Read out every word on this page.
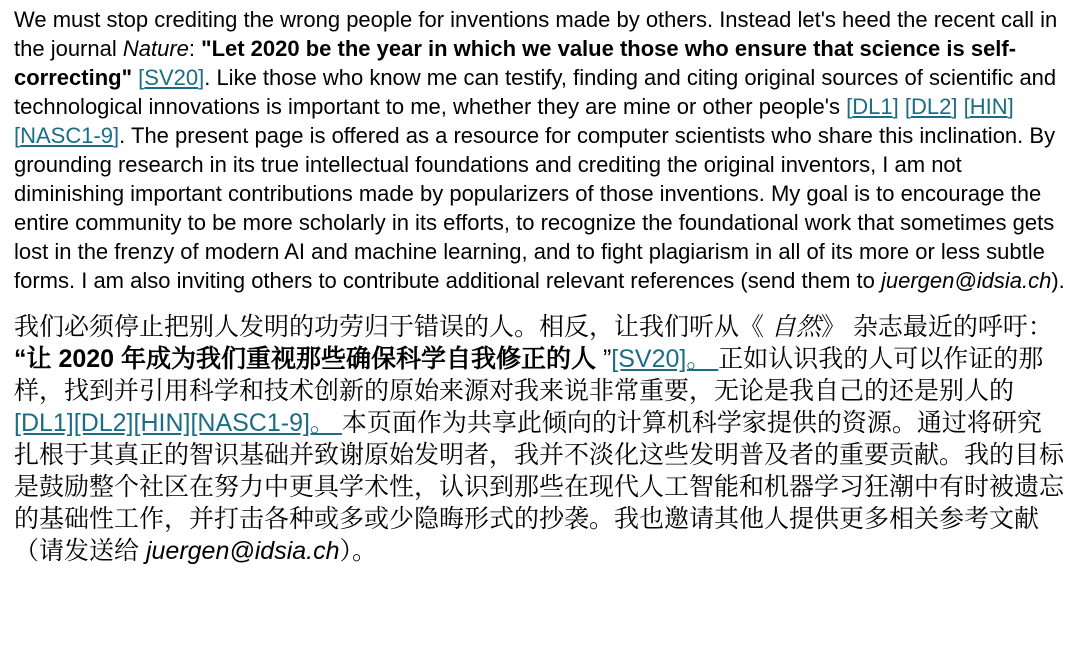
We must stop crediting the wrong people for inventions made by others. Instead let's heed the recent call in the journal Nature: "Let 2020 be the year in which we value those who ensure that science is self-correcting" [SV20]. Like those who know me can testify, finding and citing original sources of scientific and technological innovations is important to me, whether they are mine or other people's [DL1] [DL2] [HIN] [NASC1-9]. The present page is offered as a resource for computer scientists who share this inclination. By grounding research in its true intellectual foundations and crediting the original inventors, I am not diminishing important contributions made by popularizers of those inventions. My goal is to encourage the entire community to be more scholarly in its efforts, to recognize the foundational work that sometimes gets lost in the frenzy of modern AI and machine learning, and to fight plagiarism in all of its more or less subtle forms. I am also inviting others to contribute additional relevant references (send them to juergen@idsia.ch).

我们必须停止把别人发明的功劳归于错误的人。相反，让我们听从《 自然》 杂志最近的呼吁： “让 2020 年成为我们重视那些确保科学自我修正的人 ”[SV20]。 正如认识我的人可以作证的那样，找到并引用科学和技术创新的原始来源对我来说非常重要，无论是我自己的还是别人的 [DL1][DL2][HIN][NASC1-9]。 本页面作为共享此倾向的计算机科学家提供的资源。通过将研究扎根于其真正的智识基础并致谢原始发明者，我并不淡化这些发明普及者的重要贡献。我的目标是鼓励整个社区在努力中更具学术性，认识到那些在现代人工智能和机器学习狂潮中有时被遗忘的基础性工作，并打击各种或多或少隐晦形式的抄袭。我也邀请其他人提供更多相关参考文献（请发送给 juergen@idsia.ch）。
